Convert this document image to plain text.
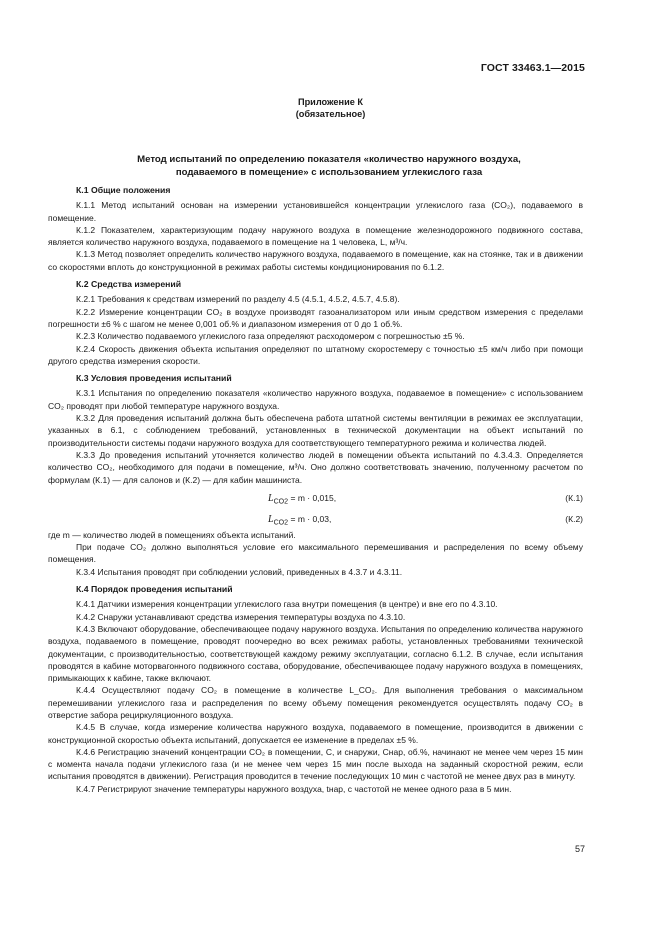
ГОСТ 33463.1—2015
Приложение К
(обязательное)
Метод испытаний по определению показателя «количество наружного воздуха,
подаваемого в помещение» с использованием углекислого газа
К.1 Общие положения

К.1.1 Метод испытаний основан на измерении установившейся концентрации углекислого газа (CO₂), подаваемого в помещение.

К.1.2 Показателем, характеризующим подачу наружного воздуха в помещение железнодорожного подвижного состава, является количество наружного воздуха, подаваемого в помещение на 1 человека, L, м³/ч.

К.1.3 Метод позволяет определить количество наружного воздуха, подаваемого в помещение, как на стоянке, так и в движении со скоростями вплоть до конструкционной в режимах работы системы кондиционирования по 6.1.2.

К.2 Средства измерений

К.2.1 Требования к средствам измерений по разделу 4.5 (4.5.1, 4.5.2, 4.5.7, 4.5.8).

К.2.2 Измерение концентрации CO₂ в воздухе производят газоанализатором или иным средством измерения с пределами погрешности ±6 % с шагом не менее 0,001 об.% и диапазоном измерения от 0 до 1 об.%.

К.2.3 Количество подаваемого углекислого газа определяют расходомером с погрешностью ±5 %.

К.2.4 Скорость движения объекта испытания определяют по штатному скоростемеру с точностью ±5 км/ч либо при помощи другого средства измерения скорости.

К.3 Условия проведения испытаний

К.3.1 Испытания по определению показателя «количество наружного воздуха, подаваемое в помещение» с использованием CO₂ проводят при любой температуре наружного воздуха.

К.3.2 Для проведения испытаний должна быть обеспечена работа штатной системы вентиляции в режимах ее эксплуатации, указанных в 6.1, с соблюдением требований, установленных в технической документации на объект испытаний по производительности системы подачи наружного воздуха для соответствующего температурного режима и количества людей.

К.3.3 До проведения испытаний уточняется количество людей в помещении объекта испытаний по 4.3.4.3. Определяется количество CO₂, необходимого для подачи в помещение, м³/ч. Оно должно соответствовать значению, полученному расчетом по формулам (К.1) — для салонов и (К.2) — для кабин машиниста.

$L_{CO2} = m \cdot 0,015$,	(К.1)
$L_{CO2} = m \cdot 0,03$,	(К.2)

где m — количество людей в помещениях объекта испытаний.

При подаче CO₂ должно выполняться условие его максимального перемешивания и распределения по всему объему помещения.

К.3.4 Испытания проводят при соблюдении условий, приведенных в 4.3.7 и 4.3.11.

К.4 Порядок проведения испытаний

К.4.1 Датчики измерения концентрации углекислого газа внутри помещения (в центре) и вне его по 4.3.10.

К.4.2 Снаружи устанавливают средства измерения температуры воздуха по 4.3.10.

К.4.3 Включают оборудование, обеспечивающее подачу наружного воздуха. Испытания по определению количества наружного воздуха, подаваемого в помещение, проводят поочередно во всех режимах работы, установленных требованиями технической документации, с производительностью, соответствующей каждому режиму эксплуатации, согласно 6.1.2. В случае, если испытания проводятся в кабине моторвагонного подвижного состава, оборудование, обеспечивающее подачу наружного воздуха в помещениях, примыкающих к кабине, также включают.

К.4.4 Осуществляют подачу CO₂ в помещение в количестве L_CO₂. Для выполнения требования о максимальном перемешивании углекислого газа и распределения по всему объему помещения рекомендуется осуществлять подачу CO₂ в отверстие забора рециркуляционного воздуха.

К.4.5 В случае, когда измерение количества наружного воздуха, подаваемого в помещение, производится в движении с конструкционной скоростью объекта испытаний, допускается ее изменение в пределах ±5 %.

К.4.6 Регистрацию значений концентрации CO₂ в помещении, C, и снаружи, Cнар, об.%, начинают не менее чем через 15 мин с момента начала подачи углекислого газа (и не менее чем через 15 мин после выхода на заданный скоростной режим, если испытания проводятся в движении). Регистрация проводится в течение последующих 10 мин с частотой не менее двух раз в минуту.

К.4.7 Регистрируют значение температуры наружного воздуха, tнар, с частотой не менее одного раза в 5 мин.

57
